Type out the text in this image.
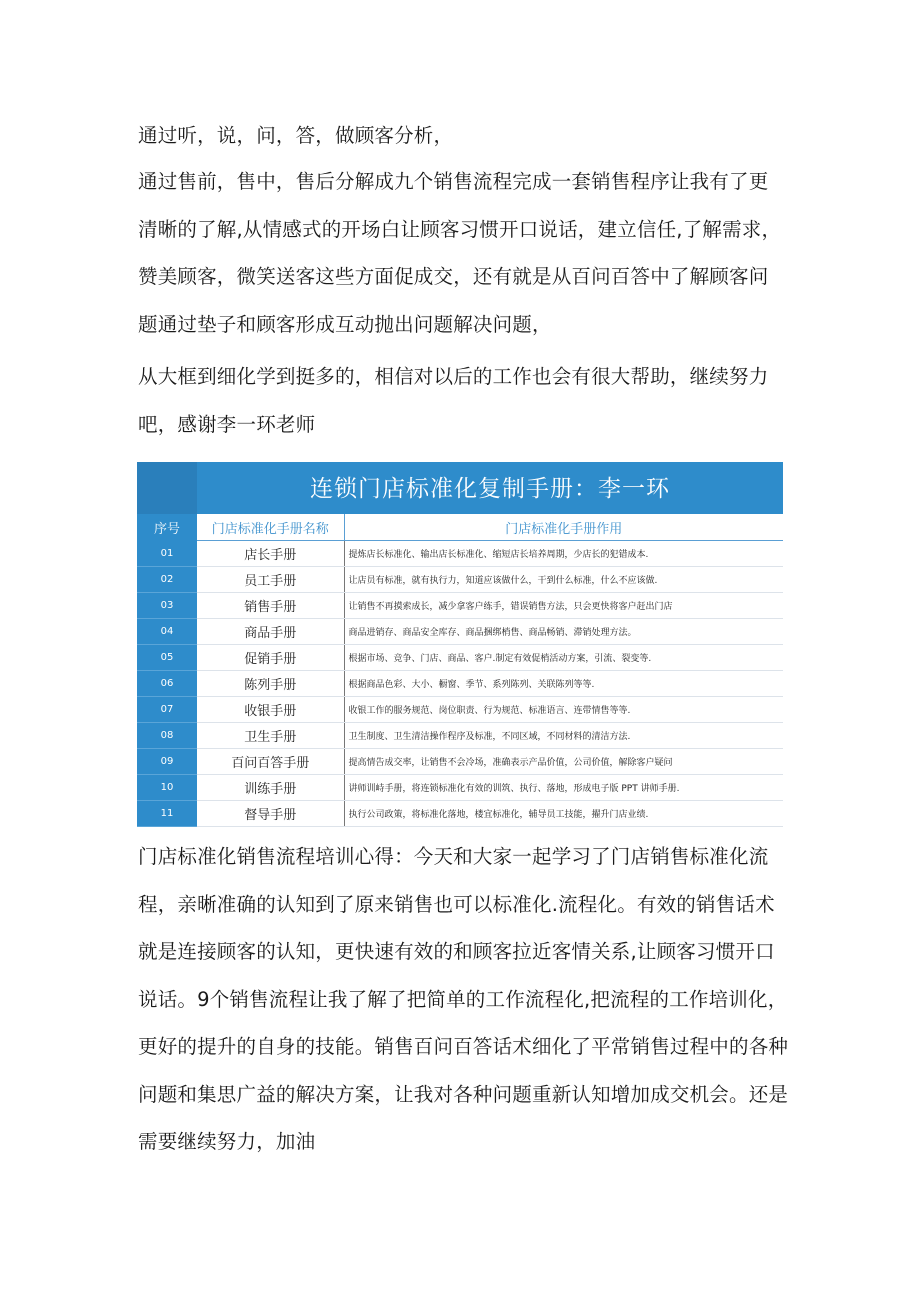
通过听，说，问，答，做顾客分析，

通过售前，售中，售后分解成九个销售流程完成一套销售程序让我有了更清晰的了解,从情感式的开场白让顾客习惯开口说话，建立信任,了解需求，赞美顾客，微笑送客这些方面促成交，还有就是从百问百答中了解顾客问题通过垫子和顾客形成互动抛出问题解决问题，

从大框到细化学到挺多的，相信对以后的工作也会有很大帮助，继续努力吧，感谢李一环老师

连锁门店标准化复制手册：李一环
序号	门店标准化手册名称	门店标准化手册作用
01	店长手册	提炼店长标准化、输出店长标准化、缩短店长培养周期，少店长的犯错成本.
02	员工手册	让店员有标准，就有执行力，知道应该做什么，干到什么标准，什么不应该做.
03	销售手册	让销售不再摸索成长，减少拿客户练手，错误销售方法，只会更快将客户赶出门店
04	商品手册	商品进销存、商品安全库存、商品捆绑梢售、商品畅销、滞销处理方法。
05	促销手册	根据市场、竞争、门店、商品、客户.制定有效促梢活动方案，引流、裂变等.
06	陈列手册	根据商品色彩、大小、橱窗、季节、系列陈列、关联陈列等等.
07	收银手册	收银工作的服务规范、岗位职责、行为规范、标准语言、连带情售等等.
08	卫生手册	卫生制度、卫生清洁操作程序及标准，不同区域，不同材料的清洁方法.
09	百问百答手册	提高情告成交率，让销售不会冷场，准确表示产品价值，公司价值，解除客户疑问
10	训练手册	讲师训峙手册，将连锁标准化有效的训筑、执行、落地，形成电子版 PPT 讲师手册.
11	督导手册	执行公司政策，将标准化落地，楼宜标准化，辅导员工技能，擢升门店业绩.

门店标准化销售流程培训心得：今天和大家一起学习了门店销售标准化流程，亲晰准确的认知到了原来销售也可以标准化.流程化。有效的销售话术就是连接顾客的认知，更快速有效的和顾客拉近客情关系,让顾客习惯开口说话。9个销售流程让我了解了把简单的工作流程化,把流程的工作培训化，更好的提升的自身的技能。销售百问百答话术细化了平常销售过程中的各种问题和集思广益的解决方案，让我对各种问题重新认知增加成交机会。还是需要继续努力，加油
